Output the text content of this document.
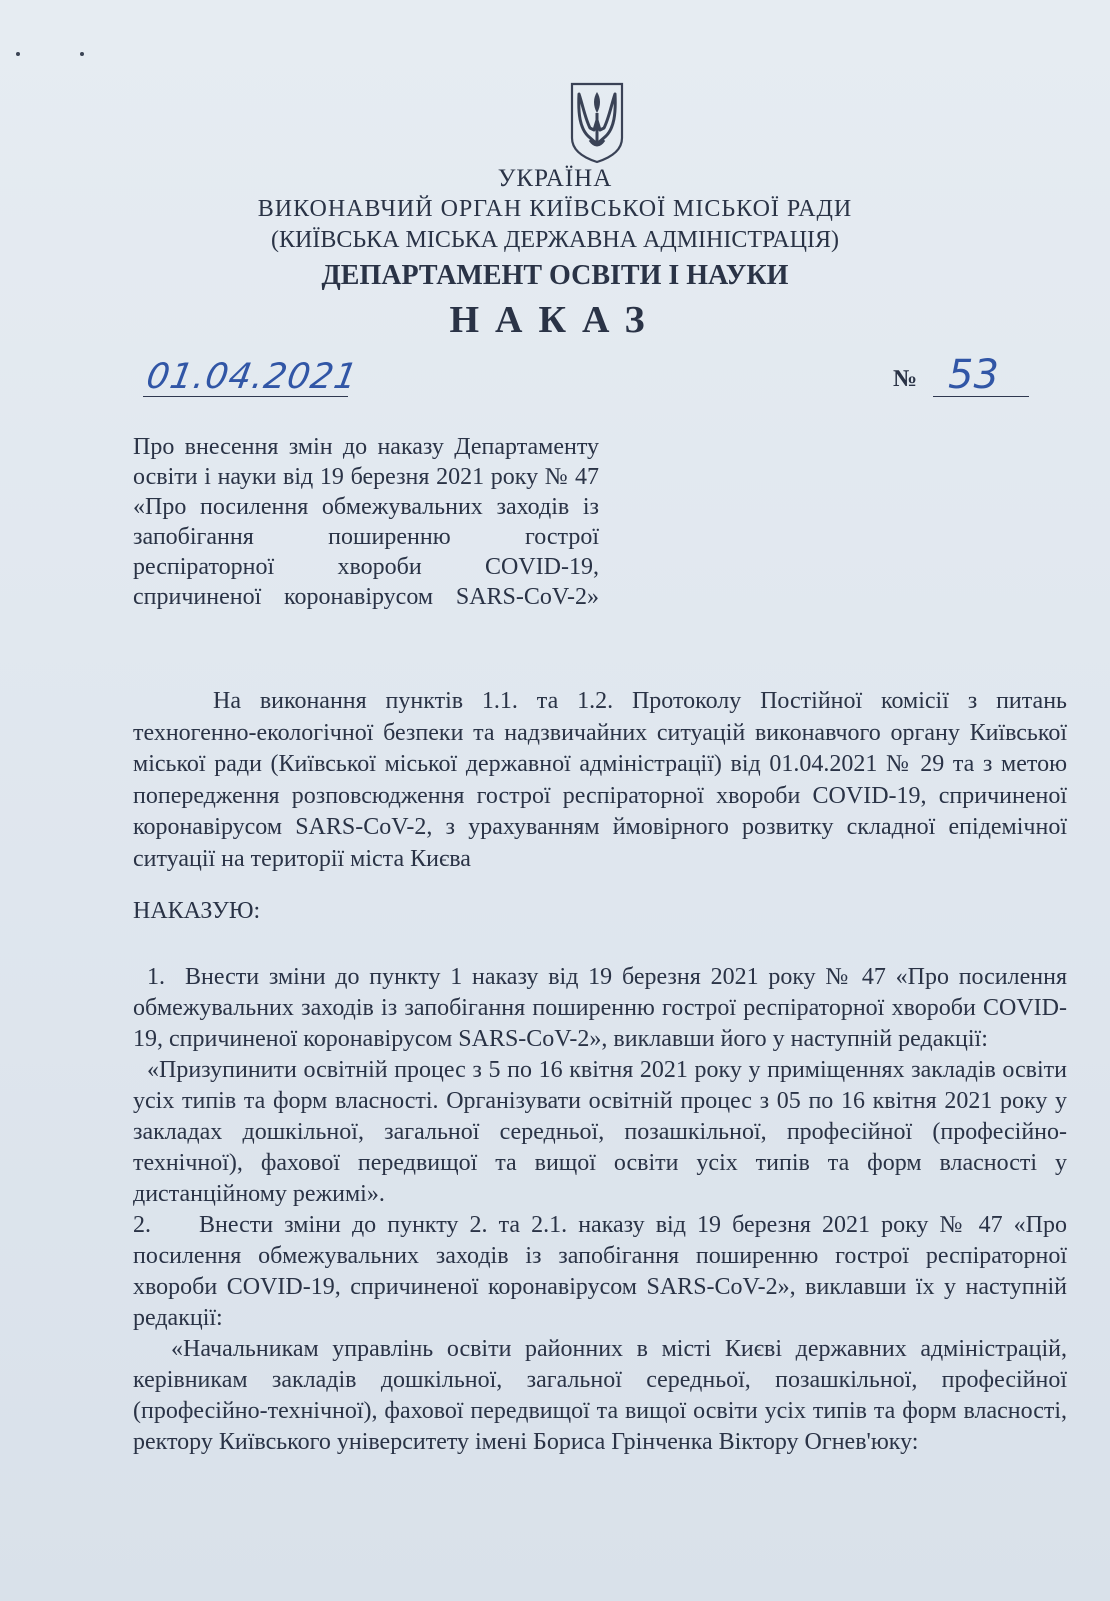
УКРАЇНА
ВИКОНАВЧИЙ ОРГАН КИЇВСЬКОЇ МІСЬКОЇ РАДИ
(КИЇВСЬКА МІСЬКА ДЕРЖАВНА АДМІНІСТРАЦІЯ)
ДЕПАРТАМЕНТ ОСВІТИ І НАУКИ
НАКАЗ
01.04.2021	№ 53
Про внесення змін до наказу Департаменту освіти і науки від 19 березня 2021 року № 47 «Про посилення обмежувальних заходів із запобігання поширенню гострої респіраторної хвороби COVID-19, спричиненої коронавірусом SARS-CoV-2»
На виконання пунктів 1.1. та 1.2. Протоколу Постійної комісії з питань техногенно-екологічної безпеки та надзвичайних ситуацій виконавчого органу Київської міської ради (Київської міської державної адміністрації) від 01.04.2021 № 29 та з метою попередження розповсюдження гострої респіраторної хвороби COVID-19, спричиненої коронавірусом SARS-CoV-2, з урахуванням ймовірного розвитку складної епідемічної ситуації на території міста Києва
НАКАЗУЮ:
1. Внести зміни до пункту 1 наказу від 19 березня 2021 року № 47 «Про посилення обмежувальних заходів із запобігання поширенню гострої респіраторної хвороби COVID-19, спричиненої коронавірусом SARS-CoV-2», виклавши його у наступній редакції:
«Призупинити освітній процес з 5 по 16 квітня 2021 року у приміщеннях закладів освіти усіх типів та форм власності. Організувати освітній процес з 05 по 16 квітня 2021 року у закладах дошкільної, загальної середньої, позашкільної, професійної (професійно-технічної), фахової передвищої та вищої освіти усіх типів та форм власності у дистанційному режимі».
2. Внести зміни до пункту 2. та 2.1. наказу від 19 березня 2021 року № 47 «Про посилення обмежувальних заходів із запобігання поширенню гострої респіраторної хвороби COVID-19, спричиненої коронавірусом SARS-CoV-2», виклавши їх у наступній редакції:
«Начальникам управлінь освіти районних в місті Києві державних адміністрацій, керівникам закладів дошкільної, загальної середньої, позашкільної, професійної (професійно-технічної), фахової передвищої та вищої освіти усіх типів та форм власності, ректору Київського університету імені Бориса Грінченка Віктору Огнев'юку:
